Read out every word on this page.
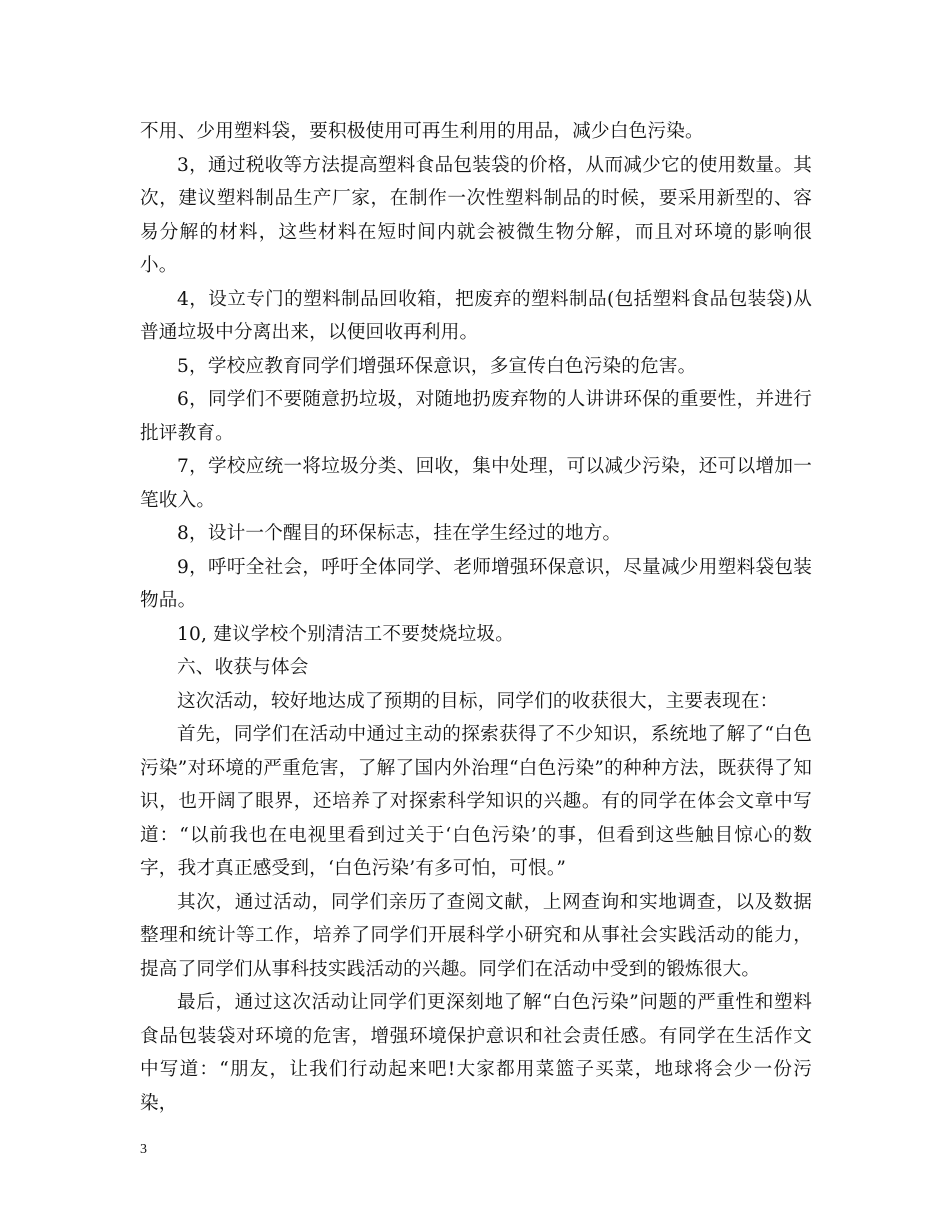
不用、少用塑料袋，要积极使用可再生利用的用品，减少白色污染。

3，通过税收等方法提高塑料食品包装袋的价格，从而减少它的使用数量。其次，建议塑料制品生产厂家，在制作一次性塑料制品的时候，要采用新型的、容易分解的材料，这些材料在短时间内就会被微生物分解，而且对环境的影响很小。

4，设立专门的塑料制品回收箱，把废弃的塑料制品(包括塑料食品包装袋)从普通垃圾中分离出来，以便回收再利用。

5，学校应教育同学们增强环保意识，多宣传白色污染的危害。

6，同学们不要随意扔垃圾，对随地扔废弃物的人讲讲环保的重要性，并进行批评教育。

7，学校应统一将垃圾分类、回收，集中处理，可以减少污染，还可以增加一笔收入。

8，设计一个醒目的环保标志，挂在学生经过的地方。

9，呼吁全社会，呼吁全体同学、老师增强环保意识，尽量减少用塑料袋包装物品。

10, 建议学校个别清洁工不要焚烧垃圾。

六、收获与体会

这次活动，较好地达成了预期的目标，同学们的收获很大，主要表现在：

首先，同学们在活动中通过主动的探索获得了不少知识，系统地了解了“白色污染”对环境的严重危害，了解了国内外治理“白色污染”的种种方法，既获得了知识，也开阔了眼界，还培养了对探索科学知识的兴趣。有的同学在体会文章中写道：“以前我也在电视里看到过关于‘白色污染’的事，但看到这些触目惊心的数字，我才真正感受到，‘白色污染’有多可怕，可恨。”

其次，通过活动，同学们亲历了查阅文献，上网查询和实地调查，以及数据整理和统计等工作，培养了同学们开展科学小研究和从事社会实践活动的能力，提高了同学们从事科技实践活动的兴趣。同学们在活动中受到的锻炼很大。

最后，通过这次活动让同学们更深刻地了解“白色污染”问题的严重性和塑料食品包装袋对环境的危害，增强环境保护意识和社会责任感。有同学在生活作文中写道：“朋友，让我们行动起来吧!大家都用菜篮子买菜，地球将会少一份污染，

3
